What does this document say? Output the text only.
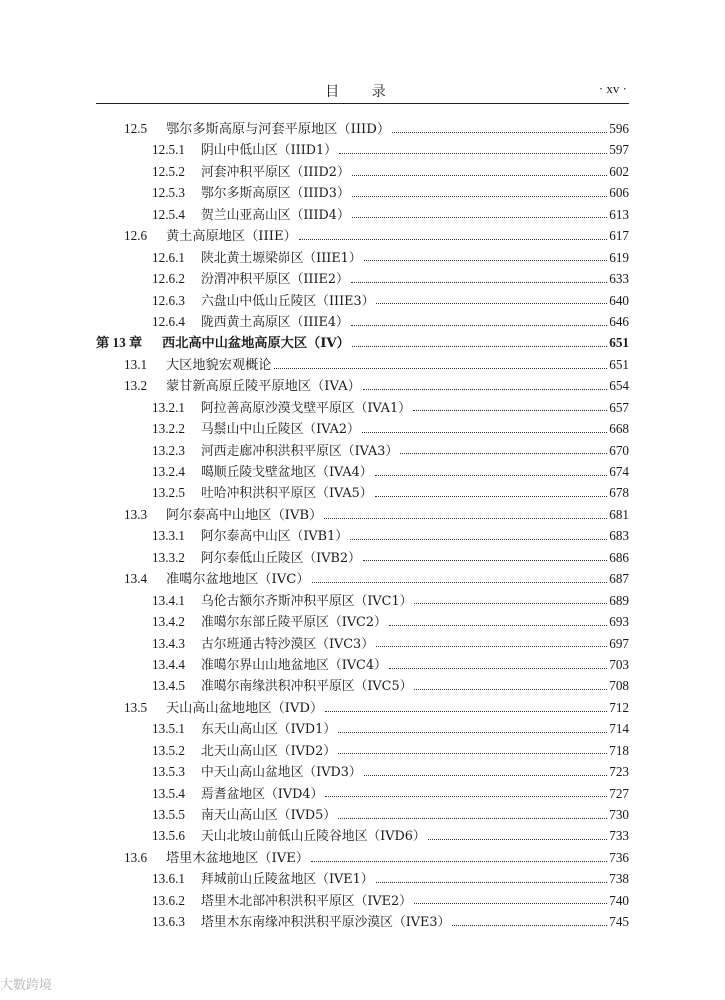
目 录	· xv ·
12.5	鄂尔多斯高原与河套平原地区（IIID）	596
12.5.1	阴山中低山区（IIID1）	597
12.5.2	河套冲积平原区（IIID2）	602
12.5.3	鄂尔多斯高原区（IIID3）	606
12.5.4	贺兰山亚高山区（IIID4）	613
12.6	黄土高原地区（IIIE）	617
12.6.1	陕北黄土塬梁峁区（IIIE1）	619
12.6.2	汾渭冲积平原区（IIIE2）	633
12.6.3	六盘山中低山丘陵区（IIIE3）	640
12.6.4	陇西黄土高原区（IIIE4）	646
第 13 章	西北高中山盆地高原大区（IV）	651
13.1	大区地貌宏观概论	651
13.2	蒙甘新高原丘陵平原地区（IVA）	654
13.2.1	阿拉善高原沙漠戈壁平原区（IVA1）	657
13.2.2	马鬃山中山丘陵区（IVA2）	668
13.2.3	河西走廊冲积洪积平原区（IVA3）	670
13.2.4	噶顺丘陵戈壁盆地区（IVA4）	674
13.2.5	吐哈冲积洪积平原区（IVA5）	678
13.3	阿尔泰高中山地区（IVB）	681
13.3.1	阿尔泰高中山区（IVB1）	683
13.3.2	阿尔泰低山丘陵区（IVB2）	686
13.4	准噶尔盆地地区（IVC）	687
13.4.1	乌伦古额尔齐斯冲积平原区（IVC1）	689
13.4.2	准噶尔东部丘陵平原区（IVC2）	693
13.4.3	古尔班通古特沙漠区（IVC3）	697
13.4.4	准噶尔界山山地盆地区（IVC4）	703
13.4.5	准噶尔南缘洪积冲积平原区（IVC5）	708
13.5	天山高山盆地地区（IVD）	712
13.5.1	东天山高山区（IVD1）	714
13.5.2	北天山高山区（IVD2）	718
13.5.3	中天山高山盆地区（IVD3）	723
13.5.4	焉耆盆地区（IVD4）	727
13.5.5	南天山高山区（IVD5）	730
13.5.6	天山北坡山前低山丘陵谷地区（IVD6）	733
13.6	塔里木盆地地区（IVE）	736
13.6.1	拜城前山丘陵盆地区（IVE1）	738
13.6.2	塔里木北部冲积洪积平原区（IVE2）	740
13.6.3	塔里木东南缘冲积洪积平原沙漠区（IVE3）	745
大數跨境
